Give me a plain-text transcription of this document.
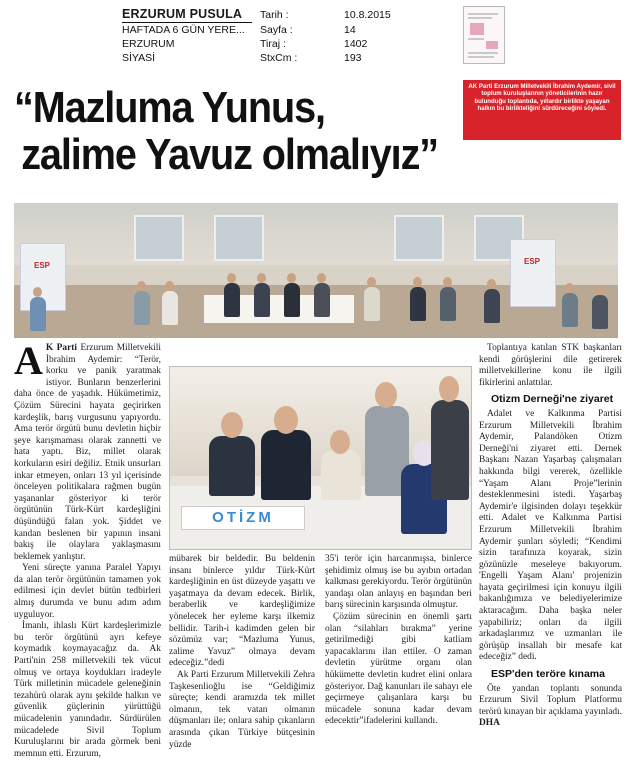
ERZURUM PUSULA
HAFTADA 6 GÜN YERE...
ERZURUM
SİYASİ
Tarih :
Sayfa :
Tiraj :
StxCm :
10.8.2015
14
1402
193
“Mazluma Yunus,
zalime Yavuz olmalıyız”
AK Parti Erzurum Milletvekili İbrahim Aydemir, sivil toplum kuruluşlarının yöneticilerinin hazır bulunduğu toplantıda, yıllardır birlikte yaşayan halkın bu birlikteliğini sürdüreceğini söyledi.
ESP	ESP

A K Parti Erzurum Milletvekili İbrahim Aydemir: “Terör, korku ve panik yaratmak istiyor. Bunların benzerlerini daha önce de yaşadık. Hükümetimiz, Çözüm Sürecini hayata geçirirken kardeşlik, barış vurgusunu yapıyordu. Ama terör örgütü bunu devletin hiçbir şeye karışmaması olarak zannetti ve hata yaptı. Biz, millet olarak korkuların esiri değiliz. Etnik unsurları inkar etmeyen, onları 13 yıl içerisinde önceleyen politikalara rağmen bugün yaşananlar gösteriyor ki terör örgütünün Türk-Kürt kardeşliğini düşündüğü falan yok. Şiddet ve kandan beslenen bir yapının insani bakış ile olaylara yaklaşmasını beklemek yanlıştır.

Yeni süreçte yanına Paralel Yapıyı da alan terör örgütünün tamamen yok edilmesi için devlet bütün tedbirleri almış durumda ve bunu adım adım uyguluyor.

İmanlı, ihlaslı Kürt kardeşlerimizle bu terör örgütünü ayrı kefeye koymadık koymayacağız da. Ak Parti'nin 258 milletvekili tek vücut olmuş ve ortaya koydukları iradeyle Türk milletinin mücadele geleneğinin tezahürü olarak aynı şekilde halkın ve güvenlik güçlerinin yürüttüğü mücadelenin yanındadır. Sürdürülen mücadelede Sivil Toplum Kuruluşlarını bir arada görmek beni memnun etti. Erzurum,

OTİZM

mübarek bir beldedir. Bu beldenin insanı binlerce yıldır Türk-Kürt kardeşliğinin en üst düzeyde yaşattı ve yaşatmaya da devam edecek. Birlik, beraberlik ve kardeşliğimize yönelecek her eyleme karşı ilkemiz bellidir. Tarih-i kadimden gelen bir sözümüz var; “Mazluma Yunus, zalime Yavuz” olmaya devam edeceğiz.”dedi

Ak Parti Erzurum Milletvekili Zehra Taşkesenlioğlu ise “Geldiğimiz süreçte; kendi aramızda tek millet olmanın, tek vatan olmanın düşmanları ile; onlara sahip çıkanların arasında çıkan Türkiye bütçesinin yüzde

35'i terör için harcanmışsa, binlerce şehidimiz olmuş ise bu ayıbın ortadan kalkması gerekiyordu. Terör örgütünün yandaşı olan anlayış en başından beri barış sürecinin karşısında olmuştur.

Çözüm sürecinin en önemli şartı olan “silahları bırakma” yerine getirilmediği gibi katliam yapacaklarını ilan ettiler. O zaman devletin yürütme organı olan hükümette devletin kudret elini onlara gösteriyor. Dağ kanunları ile sahayı ele geçirmeye çalışanlara karşı bu mücadele sonuna kadar devam edecektir”ifadelerini kullandı.

Toplantıya katılan STK başkanları kendi görüşlerini dile getirerek milletvekillerine konu ile ilgili fikirlerini anlattılar.

Otizm Derneği'ne ziyaret

Adalet ve Kalkınma Partisi Erzurum Milletvekili İbrahim Aydemir, Palandöken Otizm Derneği'ni ziyaret etti. Dernek Başkanı Nazan Yaşarbaş çalışmaları hakkında bilgi vererek, özellikle “Yaşam Alanı Proje”lerinin desteklenmesini istedi. Yaşarbaş Aydemir'e ilgisinden dolayı teşekkür etti. Adalet ve Kalkınma Partisi Erzurum Milletvekili İbrahim Aydemir şunları söyledi; “Kendimi sizin tarafınıza koyarak, sizin gözünüzle meseleye bakıyorum. 'Engelli Yaşam Alanı' projenizin hayata geçirilmesi için konuyu ilgili bakanlığımıza ve belediyelerimize aktaracağım. Daha başka neler yapabiliriz; onları da ilgili arkadaşlarımız ve uzmanları ile görüşüp insallah bir mesafe kat edeceğiz” dedi.

ESP'den teröre kınama

Öte yandan toplantı sonunda Erzurum Sivil Toplum Platformu terörü kınayan bir açıklama yayınladı. DHA
